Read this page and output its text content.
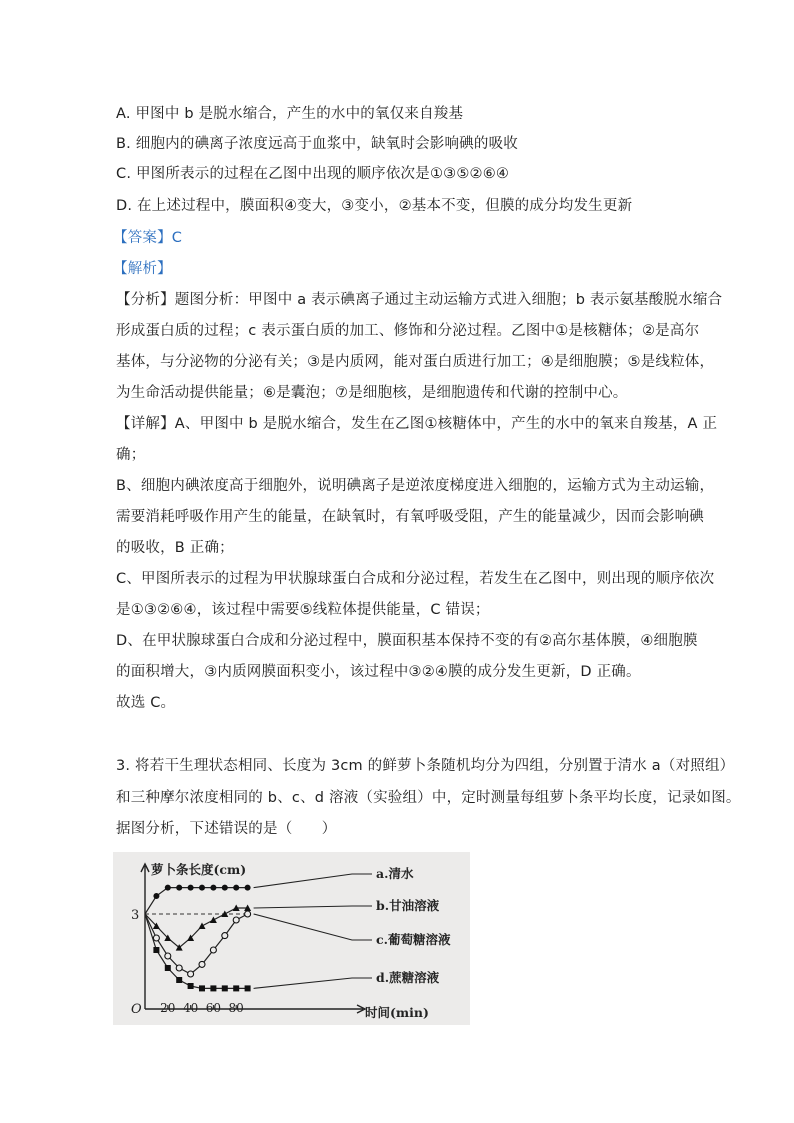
A. 甲图中 b 是脱水缩合，产生的水中的氧仅来自羧基
B. 细胞内的碘离子浓度远高于血浆中，缺氧时会影响碘的吸收
C. 甲图所表示的过程在乙图中出现的顺序依次是①③⑤②⑥④
D. 在上述过程中，膜面积④变大，③变小，②基本不变，但膜的成分均发生更新
【答案】C
【解析】
【分析】题图分析：甲图中 a 表示碘离子通过主动运输方式进入细胞；b 表示氨基酸脱水缩合
形成蛋白质的过程；c 表示蛋白质的加工、修饰和分泌过程。乙图中①是核糖体；②是高尔
基体，与分泌物的分泌有关；③是内质网，能对蛋白质进行加工；④是细胞膜；⑤是线粒体，
为生命活动提供能量；⑥是囊泡；⑦是细胞核，是细胞遗传和代谢的控制中心。
【详解】A、甲图中 b 是脱水缩合，发生在乙图①核糖体中，产生的水中的氧来自羧基，A 正
确；
B、细胞内碘浓度高于细胞外，说明碘离子是逆浓度梯度进入细胞的，运输方式为主动运输，
需要消耗呼吸作用产生的能量，在缺氧时，有氧呼吸受阻，产生的能量减少，因而会影响碘
的吸收，B 正确；
C、甲图所表示的过程为甲状腺球蛋白合成和分泌过程，若发生在乙图中，则出现的顺序依次
是①③②⑥④，该过程中需要⑤线粒体提供能量，C 错误；
D、在甲状腺球蛋白合成和分泌过程中，膜面积基本保持不变的有②高尔基体膜，④细胞膜
的面积增大，③内质网膜面积变小，该过程中③②④膜的成分发生更新，D 正确。
故选 C。
3. 将若干生理状态相同、长度为 3cm 的鲜萝卜条随机均分为四组，分别置于清水 a（对照组）
和三种摩尔浓度相同的 b、c、d 溶液（实验组）中，定时测量每组萝卜条平均长度，记录如图。
据图分析，下述错误的是（　　）
20 40 60 80
3
O
萝卜条长度(cm)
时间(min)
a.清水
b.甘油溶液
c.葡萄糖溶液
d.蔗糖溶液
